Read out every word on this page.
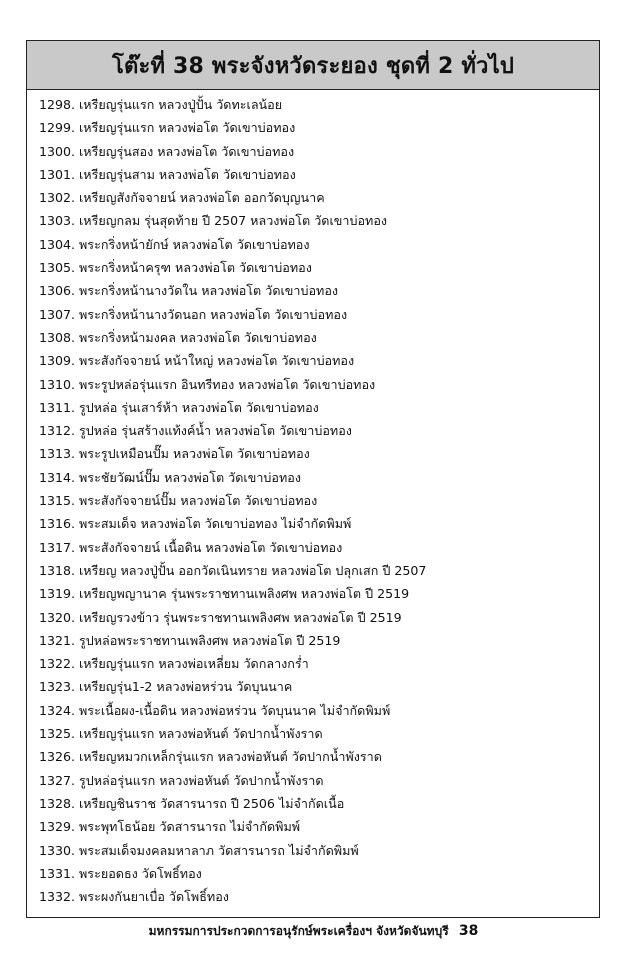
โต๊ะที่ 38 พระจังหวัดระยอง ชุดที่ 2 ทั่วไป
1298. เหรียญรุ่นแรก หลวงปู่ปั้น วัดทะเลน้อย
1299. เหรียญรุ่นแรก หลวงพ่อโต วัดเขาบ่อทอง
1300. เหรียญรุ่นสอง หลวงพ่อโต วัดเขาบ่อทอง
1301. เหรียญรุ่นสาม หลวงพ่อโต วัดเขาบ่อทอง
1302. เหรียญสังกัจจายน์ หลวงพ่อโต ออกวัดบุญนาค
1303. เหรียญกลม รุ่นสุดท้าย ปี 2507 หลวงพ่อโต วัดเขาบ่อทอง
1304. พระกริ่งหน้ายักษ์ หลวงพ่อโต วัดเขาบ่อทอง
1305. พระกริ่งหน้าครุฑ หลวงพ่อโต วัดเขาบ่อทอง
1306. พระกริ่งหน้านางวัดใน หลวงพ่อโต วัดเขาบ่อทอง
1307. พระกริ่งหน้านางวัดนอก หลวงพ่อโต วัดเขาบ่อทอง
1308. พระกริ่งหน้ามงคล หลวงพ่อโต วัดเขาบ่อทอง
1309. พระสังกัจจายน์ หน้าใหญ่ หลวงพ่อโต วัดเขาบ่อทอง
1310. พระรูปหล่อรุ่นแรก อินทรีทอง หลวงพ่อโต วัดเขาบ่อทอง
1311. รูปหล่อ รุ่นเสาร์ห้า หลวงพ่อโต วัดเขาบ่อทอง
1312. รูปหล่อ รุ่นสร้างแท้งค์น้ำ หลวงพ่อโต วัดเขาบ่อทอง
1313. พระรูปเหมือนปั๊ม หลวงพ่อโต วัดเขาบ่อทอง
1314. พระชัยวัฒน์ปั๊ม หลวงพ่อโต วัดเขาบ่อทอง
1315. พระสังกัจจายน์ปั๊ม หลวงพ่อโต วัดเขาบ่อทอง
1316. พระสมเด็จ หลวงพ่อโต วัดเขาบ่อทอง ไม่จำกัดพิมพ์
1317. พระสังกัจจายน์ เนื้อดิน หลวงพ่อโต วัดเขาบ่อทอง
1318. เหรียญ หลวงปู่ปั้น ออกวัดเนินทราย หลวงพ่อโต ปลุกเสก ปี 2507
1319. เหรียญพญานาค รุ่นพระราชทานเพลิงศพ หลวงพ่อโต ปี 2519
1320. เหรียญรวงข้าว รุ่นพระราชทานเพลิงศพ หลวงพ่อโต ปี 2519
1321. รูปหล่อพระราชทานเพลิงศพ หลวงพ่อโต ปี 2519
1322. เหรียญรุ่นแรก หลวงพ่อเหลี่ยม วัดกลางกร่ำ
1323. เหรียญรุ่น1-2 หลวงพ่อหร่วน วัดบุนนาค
1324. พระเนื้อผง-เนื้อดิน หลวงพ่อหร่วน วัดบุนนาค ไม่จำกัดพิมพ์
1325. เหรียญรุ่นแรก หลวงพ่อหันต์ วัดปากน้ำพังราด
1326. เหรียญหมวกเหล็กรุ่นแรก หลวงพ่อหันต์ วัดปากน้ำพังราด
1327. รูปหล่อรุ่นแรก หลวงพ่อหันต์ วัดปากน้ำพังราด
1328. เหรียญชินราช วัดสารนารถ ปี 2506 ไม่จำกัดเนื้อ
1329. พระพุทโธน้อย วัดสารนารถ ไม่จำกัดพิมพ์
1330. พระสมเด็จมงคลมหาลาภ วัดสารนารถ ไม่จำกัดพิมพ์
1331. พระยอดธง วัดโพธิ์ทอง
1332. พระผงกันยาเบื่อ วัดโพธิ์ทอง
มหกรรมการประกวดการอนุรักษ์พระเครื่องฯ จังหวัดจันทบุรี 38
